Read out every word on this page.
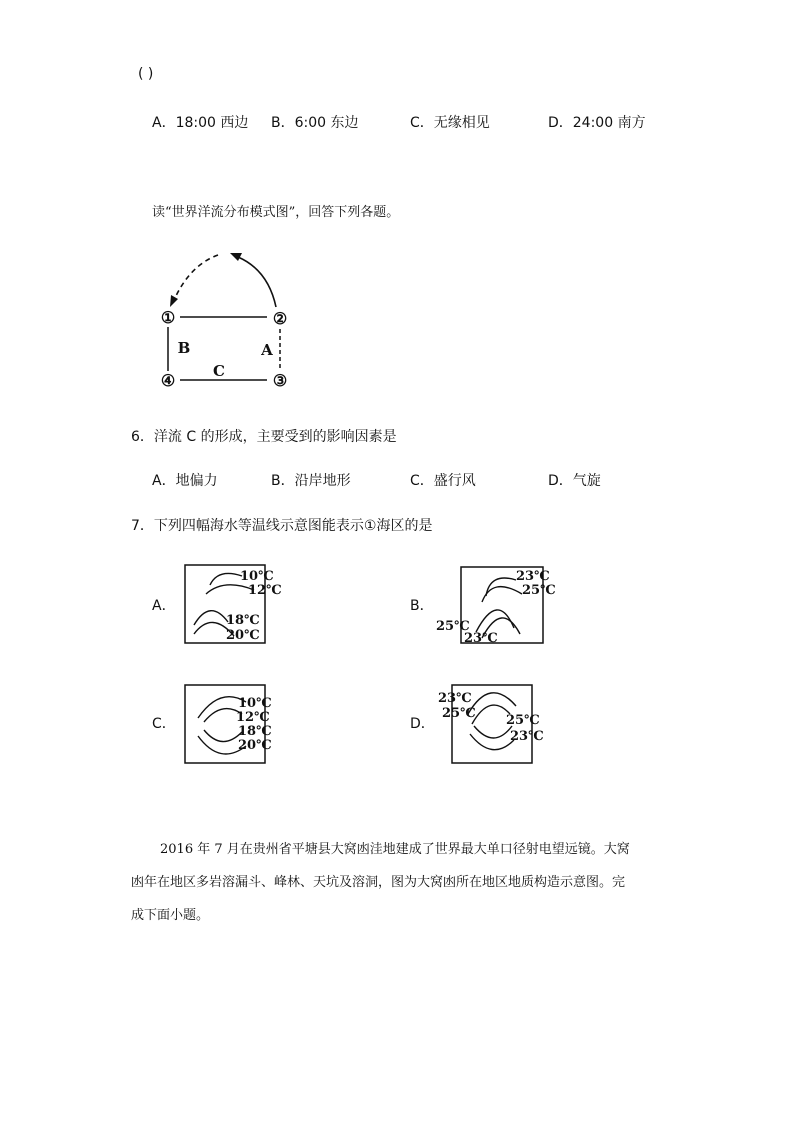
( )
A．18:00 西边 B．6:00 东边	C．无缘相见	D．24:00 南方
读“世界洋流分布模式图”，回答下列各题。
①	②
③
④
B	A
C
6．洋流 C 的形成，主要受到的影响因素是
A．地偏力	B．沿岸地形	C．盛行风	D．气旋
7．下列四幅海水等温线示意图能表示①海区的是
A．	B．
C．	D．
10℃
12℃
18℃
20℃
23℃
25℃
25℃
23℃
10℃
12℃
18℃
20℃
23℃
25℃ 25℃
23℃
2016 年 7 月在贵州省平塘县大窝凼洼地建成了世界最大单口径射电望远镜。大窝
凼年在地区多岩溶漏斗、峰林、天坑及溶洞，图为大窝凼所在地区地质构造示意图。完
成下面小题。
